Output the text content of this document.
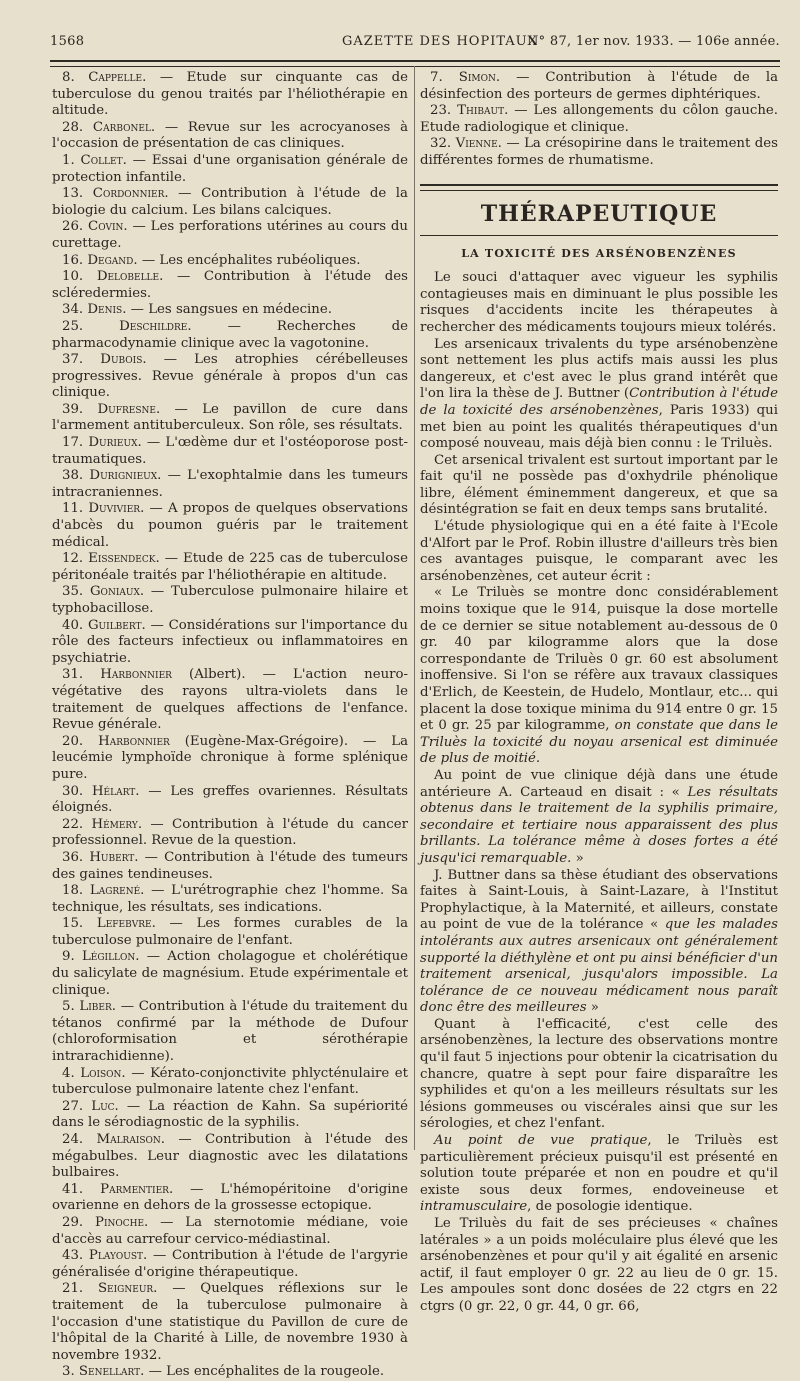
1568	GAZETTE DES HOPITAUX
N° 87, 1er nov. 1933. — 106e année.

8. Cappelle. — Etude sur cinquante cas de tuberculose du genou traités par l'héliothérapie en altitude.

28. Carbonel. — Revue sur les acrocyanoses à l'occasion de présentation de cas cliniques.

1. Collet. — Essai d'une organisation générale de protection infantile.

13. Cordonnier. — Contribution à l'étude de la biologie du calcium. Les bilans calciques.

26. Covin. — Les perforations utérines au cours du curettage.

16. Degand. — Les encéphalites rubéoliques.

10. Delobelle. — Contribution à l'étude des scléredermies.

34. Denis. — Les sangsues en médecine.

25.	Deschildre. — Recherches de pharmacodynamie clinique avec la vagotonine.

37. Dubois. — Les atrophies cérébelleuses progressives. Revue générale à propos d'un cas clinique.

39. Dufresne. — Le pavillon de cure dans l'armement antituberculeux. Son rôle, ses résultats.

17. Durieux. — L'œdème dur et l'ostéoporose post-traumatiques.

38. Durignieux. — L'exophtalmie dans les tumeurs intracraniennes.

11. Duvivier. — A propos de quelques observations d'abcès du poumon guéris par le traitement médical.

12. Eissendeck. — Etude de 225 cas de tuberculose péritonéale traités par l'héliothérapie en altitude.

35. Goniaux. — Tuberculose pulmonaire hilaire et typhobacillose.

40. Guilbert. — Considérations sur l'importance du rôle des facteurs infectieux ou inflammatoires en psychiatrie.

31. Harbonnier (Albert). — L'action neuro-végétative des rayons ultra-violets dans le traitement de quelques affections de l'enfance. Revue générale.

20. Harbonnier (Eugène-Max-Grégoire). — La leucémie lymphoïde chronique à forme splénique pure.

30. Hélart. — Les greffes ovariennes. Résultats éloignés.

22. Hémery. — Contribution à l'étude du cancer professionnel. Revue de la question.

36. Hubert. — Contribution à l'étude des tumeurs des gaines tendineuses.

18. Lagrené. — L'urétrographie chez l'homme. Sa technique, les résultats, ses indications.

15. Lefebvre. — Les formes curables de la tuberculose pulmonaire de l'enfant.

9. Légillon. — Action cholagogue et cholérétique du salicylate de magnésium. Etude expérimentale et clinique.

5. Liber. — Contribution à l'étude du traitement du tétanos confirmé par la méthode de Dufour (chloroformisation et sérothérapie intrarachidienne).

4. Loison. — Kérato-conjonctivite phlycténulaire et tuberculose pulmonaire latente chez l'enfant.

27. Luc. — La réaction de Kahn. Sa supériorité dans le sérodiagnostic de la syphilis.

24. Malraison. — Contribution à l'étude des mégabulbes. Leur diagnostic avec les dilatations bulbaires.

41. Parmentier. — L'hémopéritoine d'origine ovarienne en dehors de la grossesse ectopique.

29. Pinoche. — La sternotomie médiane, voie d'accès au carrefour cervico-médiastinal.

43. Playoust. — Contribution à l'étude de l'argyrie généralisée d'origine thérapeutique.

21. Seigneur. — Quelques réflexions sur le traitement de la tuberculose pulmonaire à l'occasion d'une statistique du Pavillon de cure de l'hôpital de la Charité à Lille, de novembre 1930 à novembre 1932.

3. Senellart. — Les encéphalites de la rougeole.

7. Simon. — Contribution à l'étude de la désinfection des porteurs de germes diphtériques.

23. Thibaut. — Les allongements du côlon gauche. Etude radiologique et clinique.

32. Vienne. — La crésopirine dans le traitement des différentes formes de rhumatisme.

THÉRAPEUTIQUE
LA TOXICITÉ DES ARSÉNOBENZÈNES

Le souci d'attaquer avec vigueur les syphilis contagieuses mais en diminuant le plus possible les risques d'accidents incite les thérapeutes à rechercher des médicaments toujours mieux tolérés.

Les arsenicaux trivalents du type arsénobenzène sont nettement les plus actifs mais aussi les plus dangereux, et c'est avec le plus grand intérêt que l'on lira la thèse de J. Buttner (Contribution à l'étude de la toxicité des arsénobenzènes, Paris 1933) qui met bien au point les qualités thérapeutiques d'un composé nouveau, mais déjà bien connu : le Triluès.

Cet arsenical trivalent est surtout important par le fait qu'il ne possède pas d'oxhydrile phénolique libre, élément éminemment dangereux, et que sa désintégration se fait en deux temps sans brutalité.

L'étude physiologique qui en a été faite à l'Ecole d'Alfort par le Prof. Robin illustre d'ailleurs très bien ces avantages puisque, le comparant avec les arsénobenzènes, cet auteur écrit :

« Le Triluès se montre donc considérablement moins toxique que le 914, puisque la dose mortelle de ce dernier se situe notablement au-dessous de 0 gr. 40 par kilogramme alors que la dose correspondante de Triluès 0 gr. 60 est absolument inoffensive. Si l'on se réfère aux travaux classiques d'Erlich, de Keestein, de Hudelo, Montlaur, etc... qui placent la dose toxique minima du 914 entre 0 gr. 15 et 0 gr. 25 par kilogramme, on constate que dans le Triluès la toxicité du noyau arsenical est diminuée de plus de moitié.

Au point de vue clinique déjà dans une étude antérieure A. Carteaud en disait : « Les résultats obtenus dans le traitement de la syphilis primaire, secondaire et tertiaire nous apparaissent des plus brillants. La tolérance même à doses fortes a été jusqu'ici remarquable. »

J. Buttner dans sa thèse étudiant des observations faites à Saint-Louis, à Saint-Lazare, à l'Institut Prophylactique, à la Maternité, et ailleurs, constate au point de vue de la tolérance « que les malades intolérants aux autres arsenicaux ont généralement supporté la diéthylène et ont pu ainsi bénéficier d'un traitement arsenical, jusqu'alors impossible. La tolérance de ce nouveau médicament nous paraît donc être des meilleures »

Quant à l'efficacité, c'est celle des arsénobenzènes, la lecture des observations montre qu'il faut 5 injections pour obtenir la cicatrisation du chancre, quatre à sept pour faire disparaître les syphilides et qu'on a les meilleurs résultats sur les lésions gommeuses ou viscérales ainsi que sur les sérologies, et chez l'enfant.

Au point de vue pratique, le Triluès est particulièrement précieux puisqu'il est présenté en solution toute préparée et non en poudre et qu'il existe sous deux formes, endoveineuse et intramusculaire, de posologie identique.

Le Triluès du fait de ses précieuses « chaînes latérales » a un poids moléculaire plus élevé que les arsénobenzènes et pour qu'il y ait égalité en arsenic actif, il faut employer 0 gr. 22 au lieu de 0 gr. 15. Les ampoules sont donc dosées de 22 ctgrs en 22 ctgrs (0 gr. 22, 0 gr. 44, 0 gr. 66,
